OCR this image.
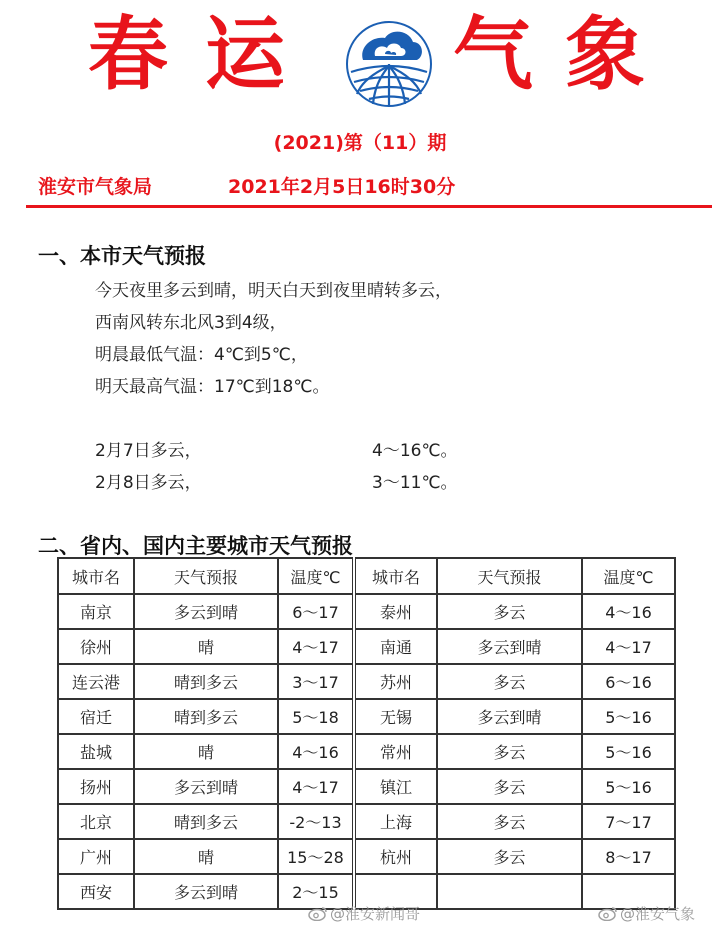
春 运 气 象
(2021)第（11）期
淮安市气象局	2021年2月5日16时30分
一、本市天气预报
今天夜里多云到晴，明天白天到夜里晴转多云，
西南风转东北风3到4级，
明晨最低气温：4℃到5℃，
明天最高气温：17℃到18℃。
2月7日多云，	4～16℃。
2月8日多云，	3～11℃。
二、省内、国内主要城市天气预报
城市名	天气预报	温度℃	城市名	天气预报	温度℃
南京	多云到晴	6～17	泰州	多云	4～16
徐州	晴	4～17	南通	多云到晴	4～17
连云港	晴到多云	3～17	苏州	多云	6～16
宿迁	晴到多云	5～18	无锡	多云到晴	5～16
盐城	晴	4～16	常州	多云	5～16
扬州	多云到晴	4～17	镇江	多云	5～16
北京	晴到多云	-2～13	上海	多云	7～17
广州	晴	15～28	杭州	多云	8～17
西安	多云到晴	2～15			
@淮安新闻哥	@淮安气象
